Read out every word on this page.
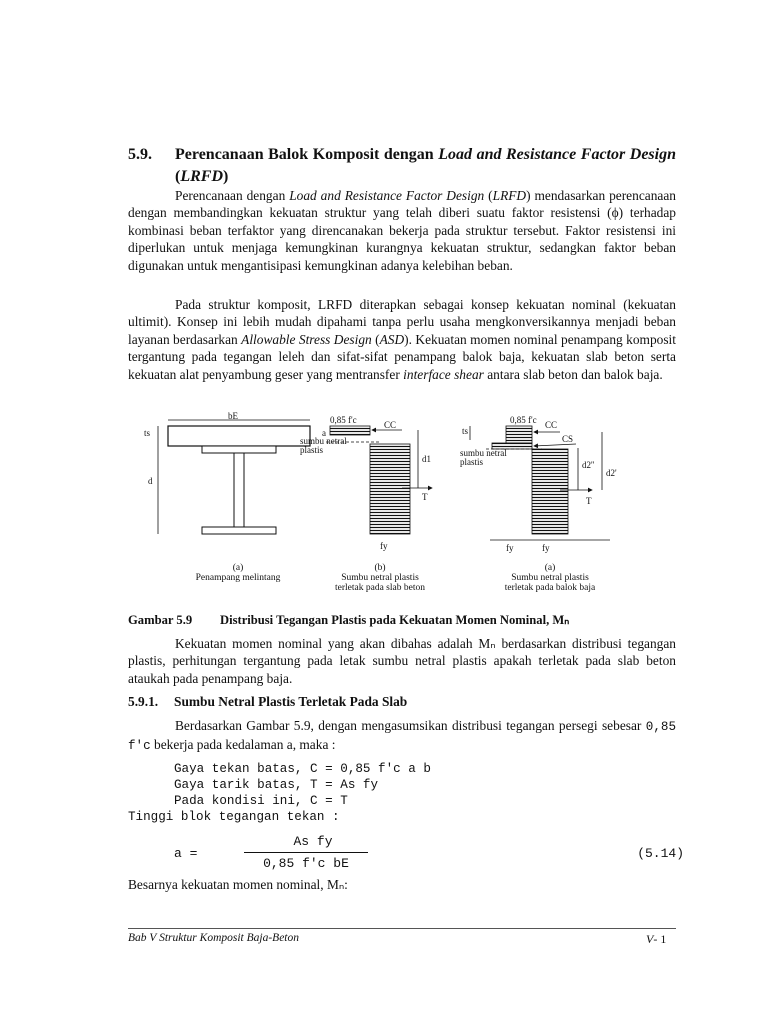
5.9. Perencanaan Balok Komposit dengan Load and Resistance Factor Design (LRFD)
Perencanaan dengan Load and Resistance Factor Design (LRFD) mendasarkan perencanaan dengan membandingkan kekuatan struktur yang telah diberi suatu faktor resistensi (ϕ) terhadap kombinasi beban terfaktor yang direncanakan bekerja pada struktur tersebut. Faktor resistensi ini diperlukan untuk menjaga kemungkinan kurangnya kekuatan struktur, sedangkan faktor beban digunakan untuk mengantisipasi kemungkinan adanya kelebihan beban.
Pada struktur komposit, LRFD diterapkan sebagai konsep kekuatan nominal (kekuatan ultimit). Konsep ini lebih mudah dipahami tanpa perlu usaha mengkonversikannya menjadi beban layanan berdasarkan Allowable Stress Design (ASD). Kekuatan momen nominal penampang komposit tergantung pada tegangan leleh dan sifat-sifat penampang balok baja, kekuatan slab beton serta kekuatan alat penyambung geser yang mentransfer interface shear antara slab beton dan balok baja.
bE
ts
d
0,85 f'c
a
CC
sumbu netral
plastis
d1
T
fy
0,85 f'c CC
CS
ts
sumbu netral
plastis	d2''
d2'
T
fy	fy
(a)
Penampang melintang
(b)
Sumbu netral plastis
terletak pada slab beton
(a)
Sumbu netral plastis
terletak pada balok baja
Gambar 5.9 Distribusi Tegangan Plastis pada Kekuatan Momen Nominal, Mₙ
Kekuatan momen nominal yang akan dibahas adalah Mₙ berdasarkan distribusi tegangan plastis, perhitungan tergantung pada letak sumbu netral plastis apakah terletak pada slab beton ataukah pada penampang baja.
5.9.1. Sumbu Netral Plastis Terletak Pada Slab
Berdasarkan Gambar 5.9, dengan mengasumsikan distribusi tegangan persegi sebesar 0,85 f'c bekerja pada kedalaman a, maka :
Gaya tekan batas, C = 0,85 f'c a b
Gaya tarik batas, T = As fy
Pada kondisi ini, C = T
Tinggi blok tegangan tekan :
a =
As fy
0,85 f'c bE
(5.14)
Besarnya kekuatan momen nominal, Mₙ:
Bab V Struktur Komposit Baja-Beton	V- 1
